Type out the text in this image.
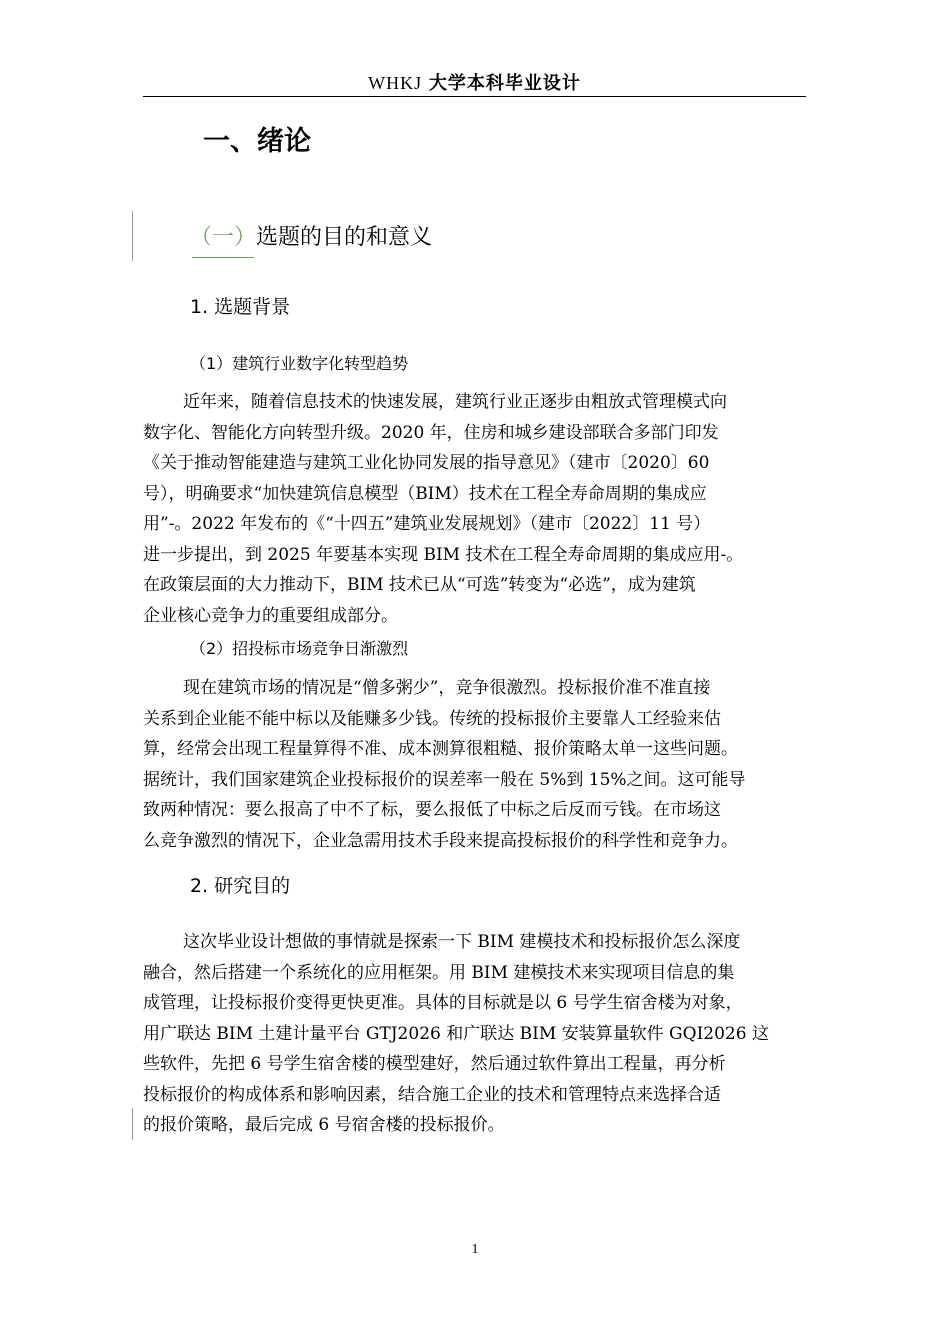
WHKJ 大学本科毕业设计
一、绪论
（一）选题的目的和意义
1. 选题背景
（1）建筑行业数字化转型趋势
近年来，随着信息技术的快速发展，建筑行业正逐步由粗放式管理模式向
数字化、智能化方向转型升级。2020 年，住房和城乡建设部联合多部门印发
《关于推动智能建造与建筑工业化协同发展的指导意见》（建市〔2020〕60
号），明确要求“加快建筑信息模型（BIM）技术在工程全寿命周期的集成应
用”-。2022 年发布的《“十四五”建筑业发展规划》（建市〔2022〕11 号）
进一步提出，到 2025 年要基本实现 BIM 技术在工程全寿命周期的集成应用-。
在政策层面的大力推动下，BIM 技术已从“可选”转变为“必选”，成为建筑
企业核心竞争力的重要组成部分。
（2）招投标市场竞争日渐激烈
现在建筑市场的情况是“僧多粥少”，竞争很激烈。投标报价准不准直接
关系到企业能不能中标以及能赚多少钱。传统的投标报价主要靠人工经验来估
算，经常会出现工程量算得不准、成本测算很粗糙、报价策略太单一这些问题。
据统计，我们国家建筑企业投标报价的误差率一般在 5%到 15%之间。这可能导
致两种情况：要么报高了中不了标，要么报低了中标之后反而亏钱。在市场这
么竞争激烈的情况下，企业急需用技术手段来提高投标报价的科学性和竞争力。
2. 研究目的
这次毕业设计想做的事情就是探索一下 BIM 建模技术和投标报价怎么深度
融合，然后搭建一个系统化的应用框架。用 BIM 建模技术来实现项目信息的集
成管理，让投标报价变得更快更准。具体的目标就是以 6 号学生宿舍楼为对象，
用广联达 BIM 土建计量平台 GTJ2026 和广联达 BIM 安装算量软件 GQI2026 这
些软件，先把 6 号学生宿舍楼的模型建好，然后通过软件算出工程量，再分析
投标报价的构成体系和影响因素，结合施工企业的技术和管理特点来选择合适
的报价策略，最后完成 6 号宿舍楼的投标报价。
1
